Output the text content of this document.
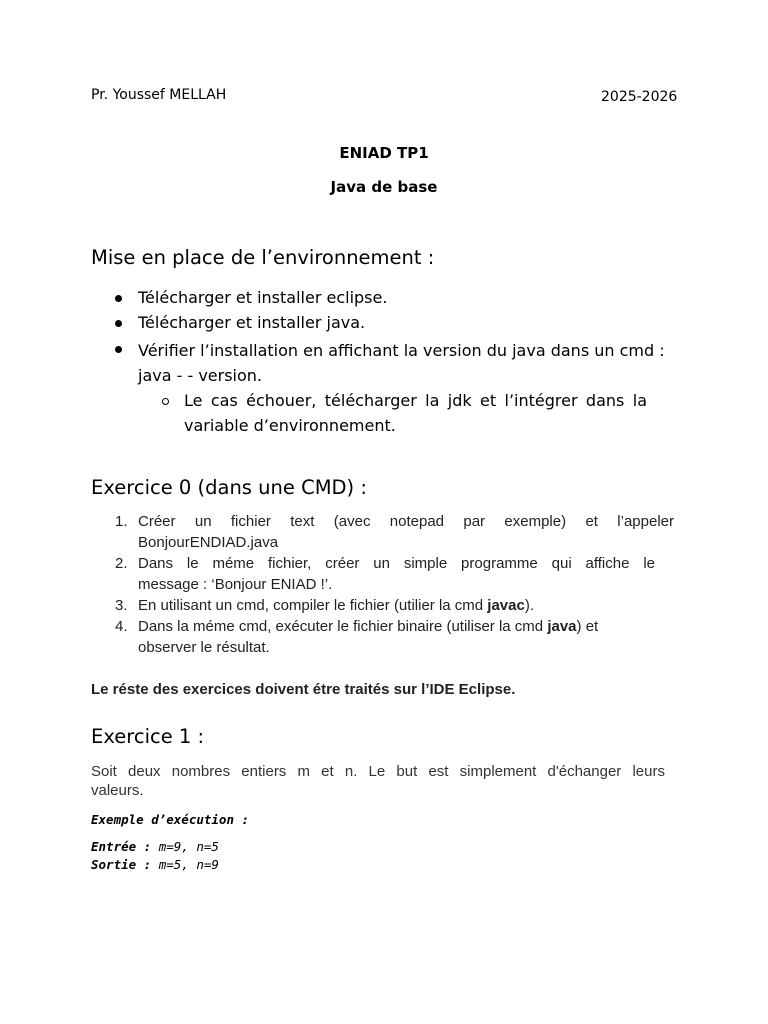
Pr. Youssef MELLAH	2025-2026
ENIAD TP1
Java de base
Mise en place de l’environnement :
Télécharger et installer eclipse.
Télécharger et installer java.
Vérifier l’installation en affichant la version du java dans un cmd :
java - - version.
Le cas échouer, télécharger la jdk et l’intégrer dans la
variable d’environnement.
Exercice 0 (dans une CMD) :
1. Créer un fichier text (avec notepad par exemple) et l’appeler
BonjourENDIAD.java
2. Dans le méme fichier, créer un simple programme qui affiche le
message : ‘Bonjour ENIAD !’.
3. En utilisant un cmd, compiler le fichier (utilier la cmd javac).
4. Dans la méme cmd, exécuter le fichier binaire (utiliser la cmd java) et
observer le résultat.
Le réste des exercices doivent étre traités sur l’IDE Eclipse.
Exercice 1 :
Soit deux nombres entiers m et n. Le but est simplement d'échanger leurs
valeurs.
Exemple d’exécution :
Entrée : m=9, n=5
Sortie : m=5, n=9
